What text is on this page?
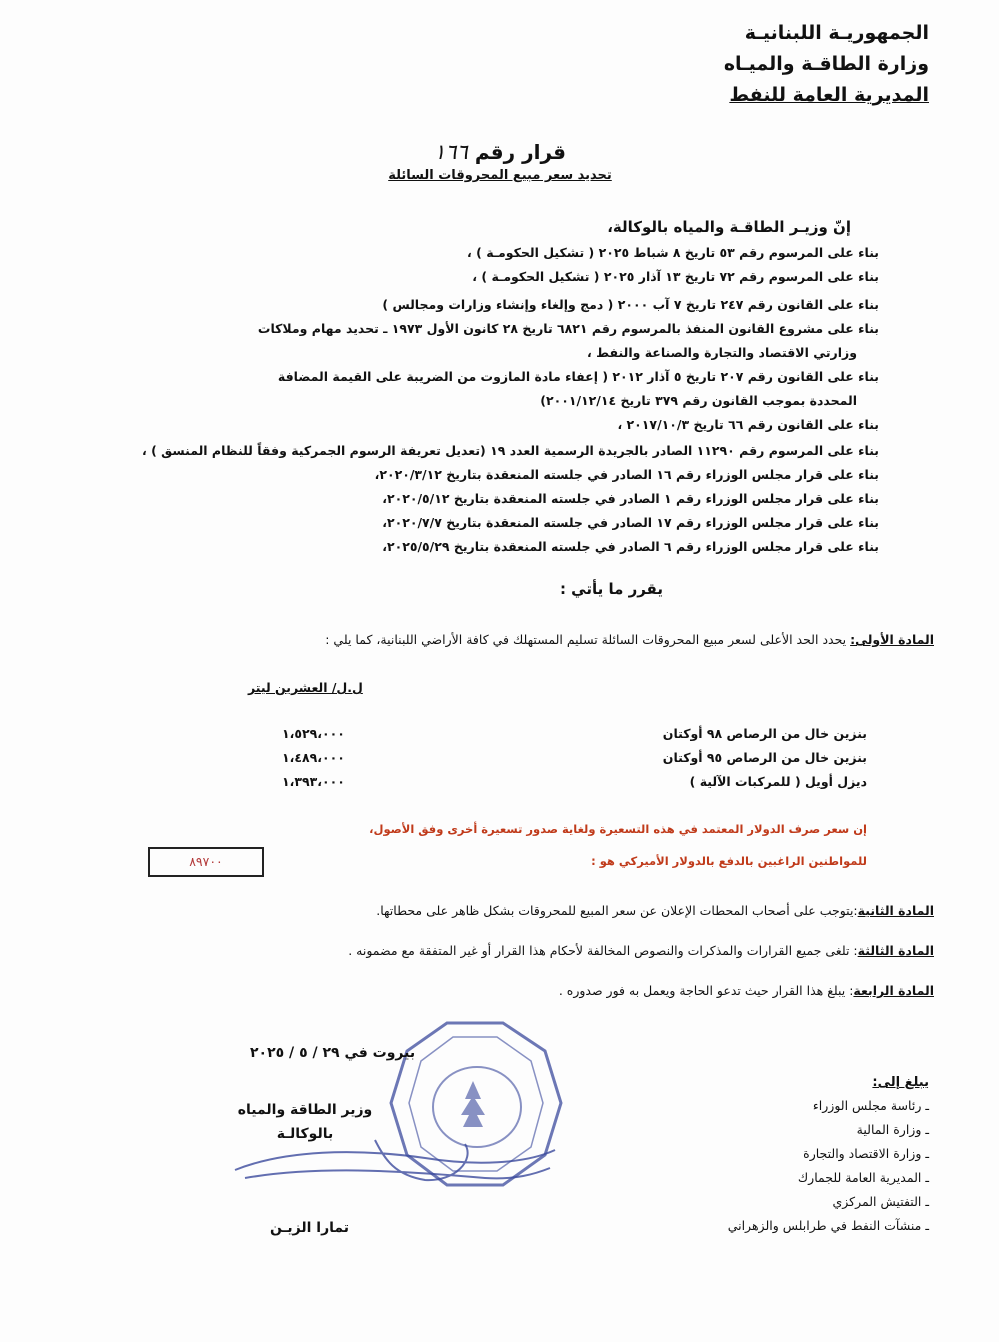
الجمهوريـة اللبنانيـة
وزارة الطاقـة والميـاه
المديرية العامة للنفط
قرار رقم ١٦٦
تحديد سعر مبيع المحروقات السائلة
إنّ وزيـر الطاقـة والمياه بالوكالة،
بناء على المرسوم رقم ٥٣ تاريخ ٨ شباط ٢٠٢٥ ( تشكيل الحكومـة ) ،
بناء على المرسوم رقم ٧٢ تاريخ ١٣ آذار ٢٠٢٥ ( تشكيل الحكومـة ) ،
بناء على القانون رقم ٢٤٧ تاريخ ٧ آب ٢٠٠٠ ( دمج وإلغاء وإنشاء وزارات ومجالس )
بناء على مشروع القانون المنفذ بالمرسوم رقم ٦٨٢١ تاريخ ٢٨ كانون الأول ١٩٧٣ ـ تحديد مهام وملاكات
وزارتي الاقتصاد والتجارة والصناعة والنفط ،
بناء على القانون رقم ٢٠٧ تاريخ ٥ آذار ٢٠١٢ ( إعفاء مادة المازوت من الضريبة على القيمة المضافة
المحددة بموجب القانون رقم ٣٧٩ تاريخ ٢٠٠١/١٢/١٤)
بناء على القانون رقم ٦٦ تاريخ ٢٠١٧/١٠/٣ ،
بناء على المرسوم رقم ١١٢٩٠ الصادر بالجريدة الرسمية العدد ١٩ (تعديل تعريفة الرسوم الجمركية وفقاً للنظام المنسق ) ،
بناء على قرار مجلس الوزراء رقم ١٦ الصادر في جلسته المنعقدة بتاريخ ٢٠٢٠/٣/١٢،
بناء على قرار مجلس الوزراء رقم ١ الصادر في جلسته المنعقدة بتاريخ ٢٠٢٠/٥/١٢،
بناء على قرار مجلس الوزراء رقم ١٧ الصادر في جلسته المنعقدة بتاريخ ٢٠٢٠/٧/٧،
بناء على قرار مجلس الوزراء رقم ٦ الصادر في جلسته المنعقدة بتاريخ ٢٠٢٥/٥/٢٩،
يقرر ما يأتي :
المادة الأولى: يحدد الحد الأعلى لسعر مبيع المحروقات السائلة تسليم المستهلك في كافة الأراضي اللبنانية، كما يلي :
ل.ل/ العشرين ليتر
بنزين خال من الرصاص ٩٨ أوكتان
١،٥٢٩،٠٠٠
بنزين خال من الرصاص ٩٥ أوكتان
١،٤٨٩،٠٠٠
ديزل أويل ( للمركبات الآلية )
١،٣٩٣،٠٠٠
إن سعر صرف الدولار المعتمد في هذه التسعيرة ولغاية صدور تسعيرة أخرى وفق الأصول،
للمواطنين الراغبين بالدفع بالدولار الأميركي هو :
٨٩٧٠٠
المادة الثانية:يتوجب على أصحاب المحطات الإعلان عن سعر المبيع للمحروقات بشكل ظاهر على محطاتها.
المادة الثالثة: تلغى جميع القرارات والمذكرات والنصوص المخالفة لأحكام هذا القرار أو غير المتفقة مع مضمونه .
المادة الرابعة: يبلغ هذا القرار حيث تدعو الحاجة ويعمل به فور صدوره .
بيروت في ٢٩ / ٥ / ٢٠٢٥
وزير الطاقة والمياه
بالوكالـة
تمارا الزيـن
يبلغ إلى:
ـ رئاسة مجلس الوزراء
ـ وزارة المالية
ـ وزارة الاقتصاد والتجارة
ـ المديرية العامة للجمارك
ـ التفتيش المركزي
ـ منشآت النفط في طرابلس والزهراني
